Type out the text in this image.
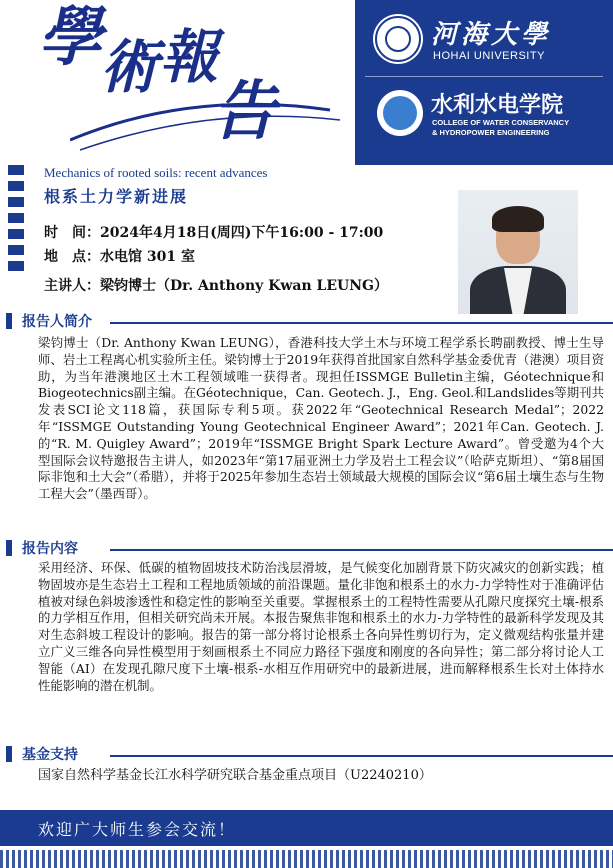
學
術 報
告
河海大學
HOHAI UNIVERSITY
水利水电学院
COLLEGE OF WATER CONSERVANCY
& HYDROPOWER ENGINEERING
Mechanics of rooted soils: recent advances
根系土力学新进展
时　间：2024年4月18日(周四)下午16:00 - 17:00
地　点：水电馆 301 室
主讲人：梁钧博士（Dr. Anthony Kwan LEUNG）
报告人简介
梁钧博士（Dr. Anthony Kwan LEUNG），香港科技大学土木与环境工程学系长聘副教授、博士生导师、岩土工程离心机实验所主任。梁钧博士于2019年获得首批国家自然科学基金委优青（港澳）项目资助，为当年港澳地区土木工程领域唯一获得者。现担任ISSMGE Bulletin主编，Géotechnique和Biogeotechnics副主编。在Géotechnique，Can. Geotech. J.，Eng. Geol.和Landslides等期刊共发表SCI论文118篇，获国际专利5项。获2022年“Geotechnical Research Medal”；2022年“ISSMGE Outstanding Young Geotechnical Engineer Award”；2021年Can. Geotech. J. 的“R. M. Quigley Award”；2019年“ISSMGE Bright Spark Lecture Award”。曾受邀为4个大型国际会议特邀报告主讲人，如2023年“第17届亚洲土力学及岩土工程会议”（哈萨克斯坦）、“第8届国际非饱和土大会”（希腊），并将于2025年参加生态岩土领域最大规模的国际会议“第6届土壤生态与生物工程大会”（墨西哥）。
报告内容
采用经济、环保、低碳的植物固坡技术防治浅层滑坡，是气候变化加剧背景下防灾减灾的创新实践；植物固坡亦是生态岩土工程和工程地质领域的前沿课题。量化非饱和根系土的水力-力学特性对于准确评估植被对绿色斜坡渗透性和稳定性的影响至关重要。掌握根系土的工程特性需要从孔隙尺度探究土壤-根系的力学相互作用，但相关研究尚未开展。本报告聚焦非饱和根系土的水力-力学特性的最新科学发现及其对生态斜坡工程设计的影响。报告的第一部分将讨论根系土各向异性剪切行为，定义微观结构张量并建立广义三维各向异性模型用于刻画根系土不同应力路径下强度和刚度的各向异性；第二部分将讨论人工智能（AI）在发现孔隙尺度下土壤-根系-水相互作用研究中的最新进展，进而解释根系生长对土体持水性能影响的潜在机制。
基金支持
国家自然科学基金长江水科学研究联合基金重点项目（U2240210）
欢迎广大师生参会交流！
